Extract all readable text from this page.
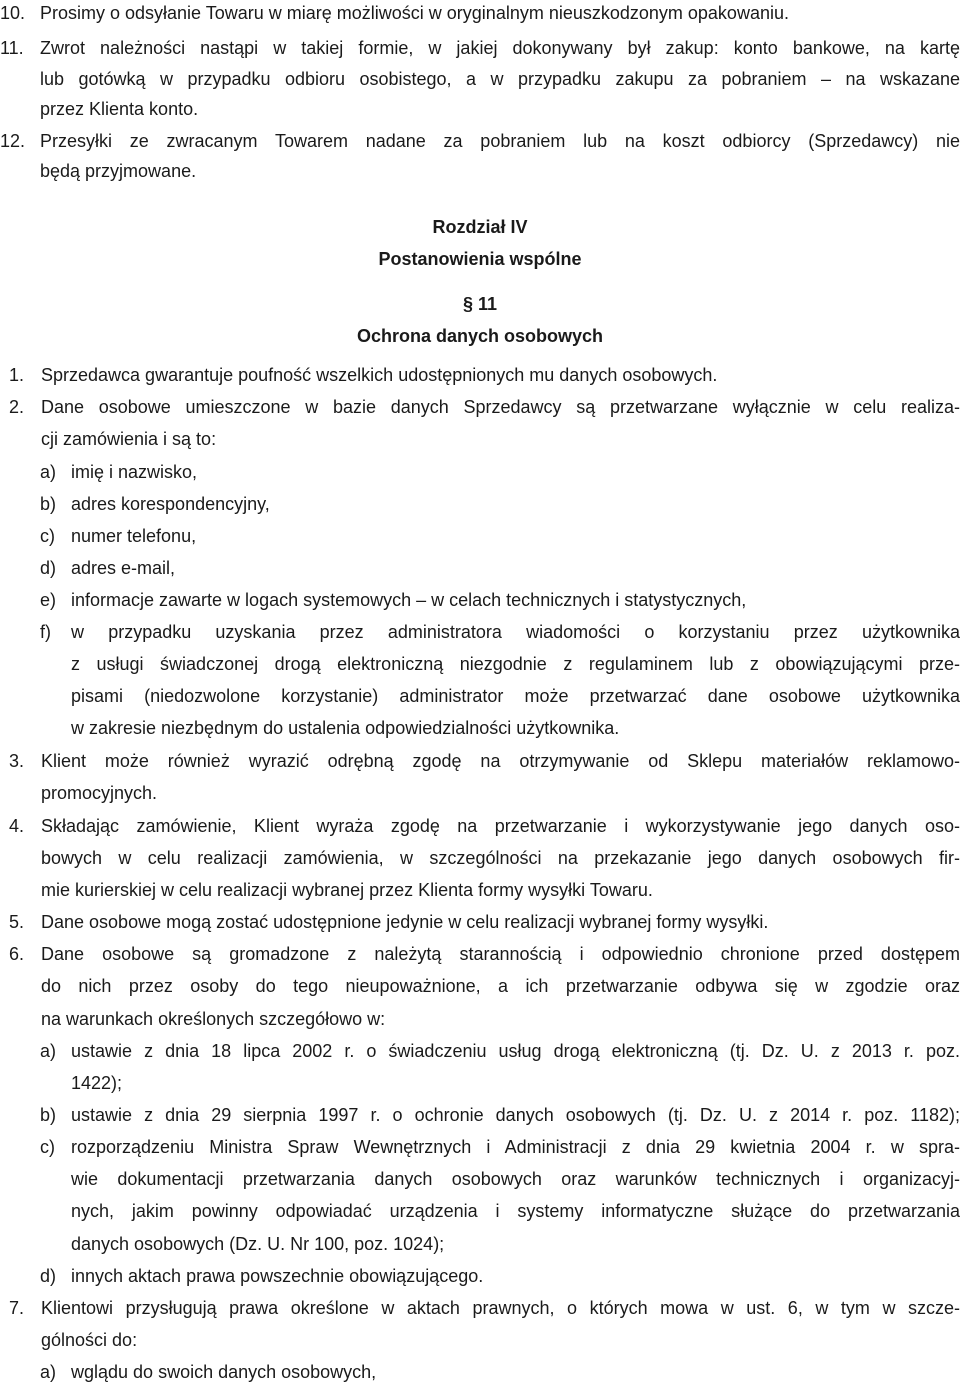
10. Prosimy o odsyłanie Towaru w miarę możliwości w oryginalnym nieuszkodzonym opakowaniu.
11. Zwrot należności nastąpi w takiej formie, w jakiej dokonywany był zakup: konto bankowe, na kartę
lub gotówką w przypadku odbioru osobistego, a w przypadku zakupu za pobraniem – na wskazane
przez Klienta konto.
12. Przesyłki ze zwracanym Towarem nadane za pobraniem lub na koszt odbiorcy (Sprzedawcy) nie
będą przyjmowane.
Rozdział IV
Postanowienia wspólne
§ 11
Ochrona danych osobowych
1. Sprzedawca gwarantuje poufność wszelkich udostępnionych mu danych osobowych.
2. Dane osobowe umieszczone w bazie danych Sprzedawcy są przetwarzane wyłącznie w celu realiza-
cji zamówienia i są to:
a) imię i nazwisko,
b) adres korespondencyjny,
c) numer telefonu,
d) adres e-mail,
e) informacje zawarte w logach systemowych – w celach technicznych i statystycznych,
f) w przypadku uzyskania przez administratora wiadomości o korzystaniu przez użytkownika
z usługi świadczonej drogą elektroniczną niezgodnie z regulaminem lub z obowiązującymi prze-
pisami (niedozwolone korzystanie) administrator może przetwarzać dane osobowe użytkownika
w zakresie niezbędnym do ustalenia odpowiedzialności użytkownika.
3. Klient może również wyrazić odrębną zgodę na otrzymywanie od Sklepu materiałów reklamowo-
promocyjnych.
4. Składając zamówienie, Klient wyraża zgodę na przetwarzanie i wykorzystywanie jego danych oso-
bowych w celu realizacji zamówienia, w szczególności na przekazanie jego danych osobowych fir-
mie kurierskiej w celu realizacji wybranej przez Klienta formy wysyłki Towaru.
5. Dane osobowe mogą zostać udostępnione jedynie w celu realizacji wybranej formy wysyłki.
6. Dane osobowe są gromadzone z należytą starannością i odpowiednio chronione przed dostępem
do nich przez osoby do tego nieupoważnione, a ich przetwarzanie odbywa się w zgodzie oraz
na warunkach określonych szczegółowo w:
a) ustawie z dnia 18 lipca 2002 r. o świadczeniu usług drogą elektroniczną (tj. Dz. U. z 2013 r. poz.
1422);
b) ustawie z dnia 29 sierpnia 1997 r. o ochronie danych osobowych (tj. Dz. U. z 2014 r. poz. 1182);
c) rozporządzeniu Ministra Spraw Wewnętrznych i Administracji z dnia 29 kwietnia 2004 r. w spra-
wie dokumentacji przetwarzania danych osobowych oraz warunków technicznych i organizacyj-
nych, jakim powinny odpowiadać urządzenia i systemy informatyczne służące do przetwarzania
danych osobowych (Dz. U. Nr 100, poz. 1024);
d) innych aktach prawa powszechnie obowiązującego.
7. Klientowi przysługują prawa określone w aktach prawnych, o których mowa w ust. 6, w tym w szcze-
gólności do:
a) wglądu do swoich danych osobowych,
